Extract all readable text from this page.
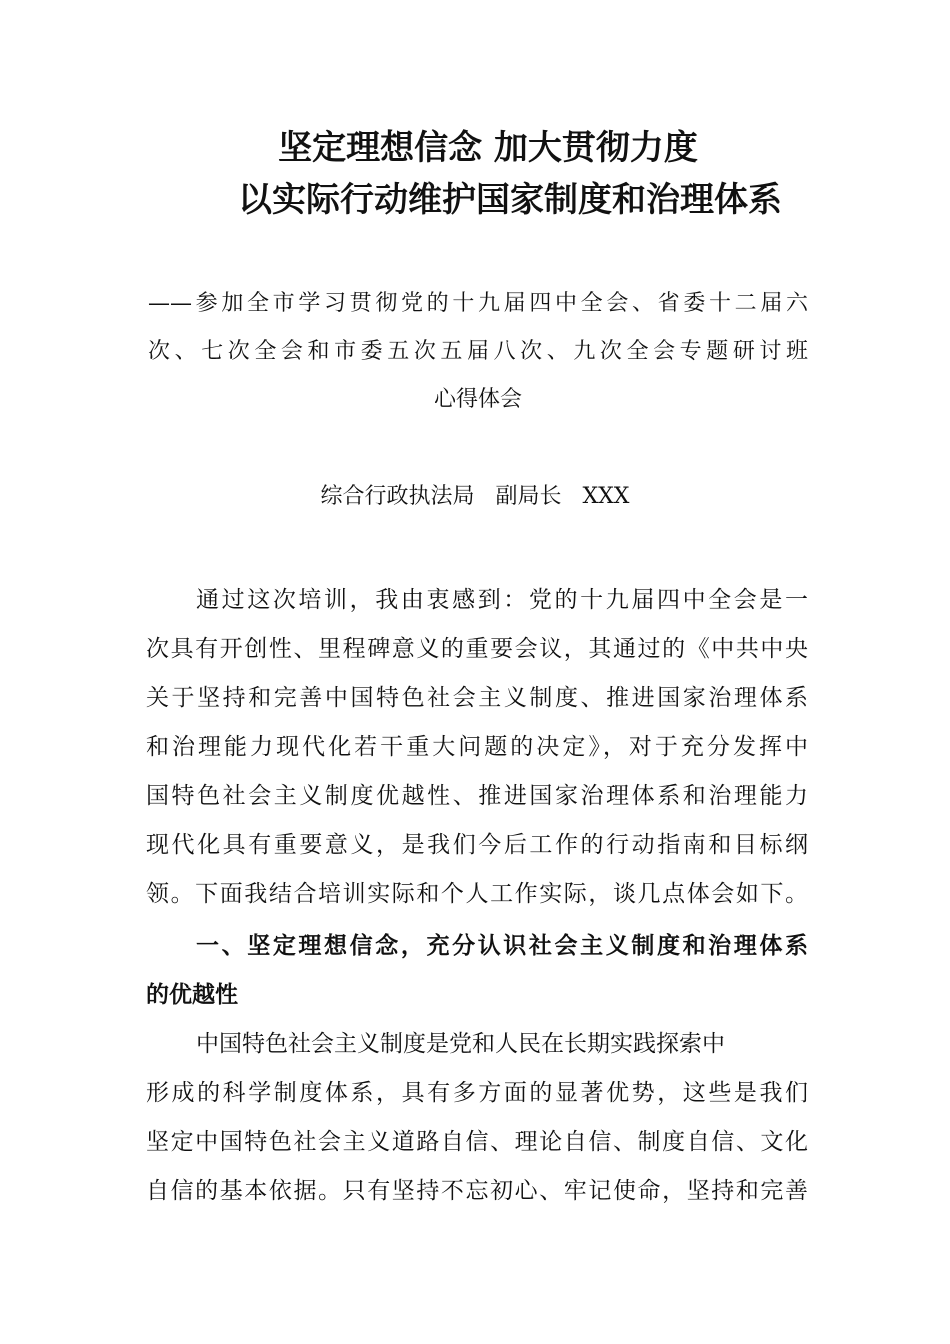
坚定理想信念 加大贯彻力度
以实际行动维护国家制度和治理体系
——参加全市学习贯彻党的十九届四中全会、省委十二届六
次、七次全会和市委五次五届八次、九次全会专题研讨班
心得体会
综合行政执法局   副局长   XXX
通过这次培训，我由衷感到：党的十九届四中全会是一
次具有开创性、里程碑意义的重要会议，其通过的《中共中央
关于坚持和完善中国特色社会主义制度、推进国家治理体系
和治理能力现代化若干重大问题的决定》，对于充分发挥中
国特色社会主义制度优越性、推进国家治理体系和治理能力
现代化具有重要意义，是我们今后工作的行动指南和目标纲
领。下面我结合培训实际和个人工作实际，谈几点体会如下。
一、坚定理想信念，充分认识社会主义制度和治理体系
的优越性
中国特色社会主义制度是党和人民在长期实践探索中
形成的科学制度体系，具有多方面的显著优势，这些是我们
坚定中国特色社会主义道路自信、理论自信、制度自信、文化
自信的基本依据。只有坚持不忘初心、牢记使命，坚持和完善
